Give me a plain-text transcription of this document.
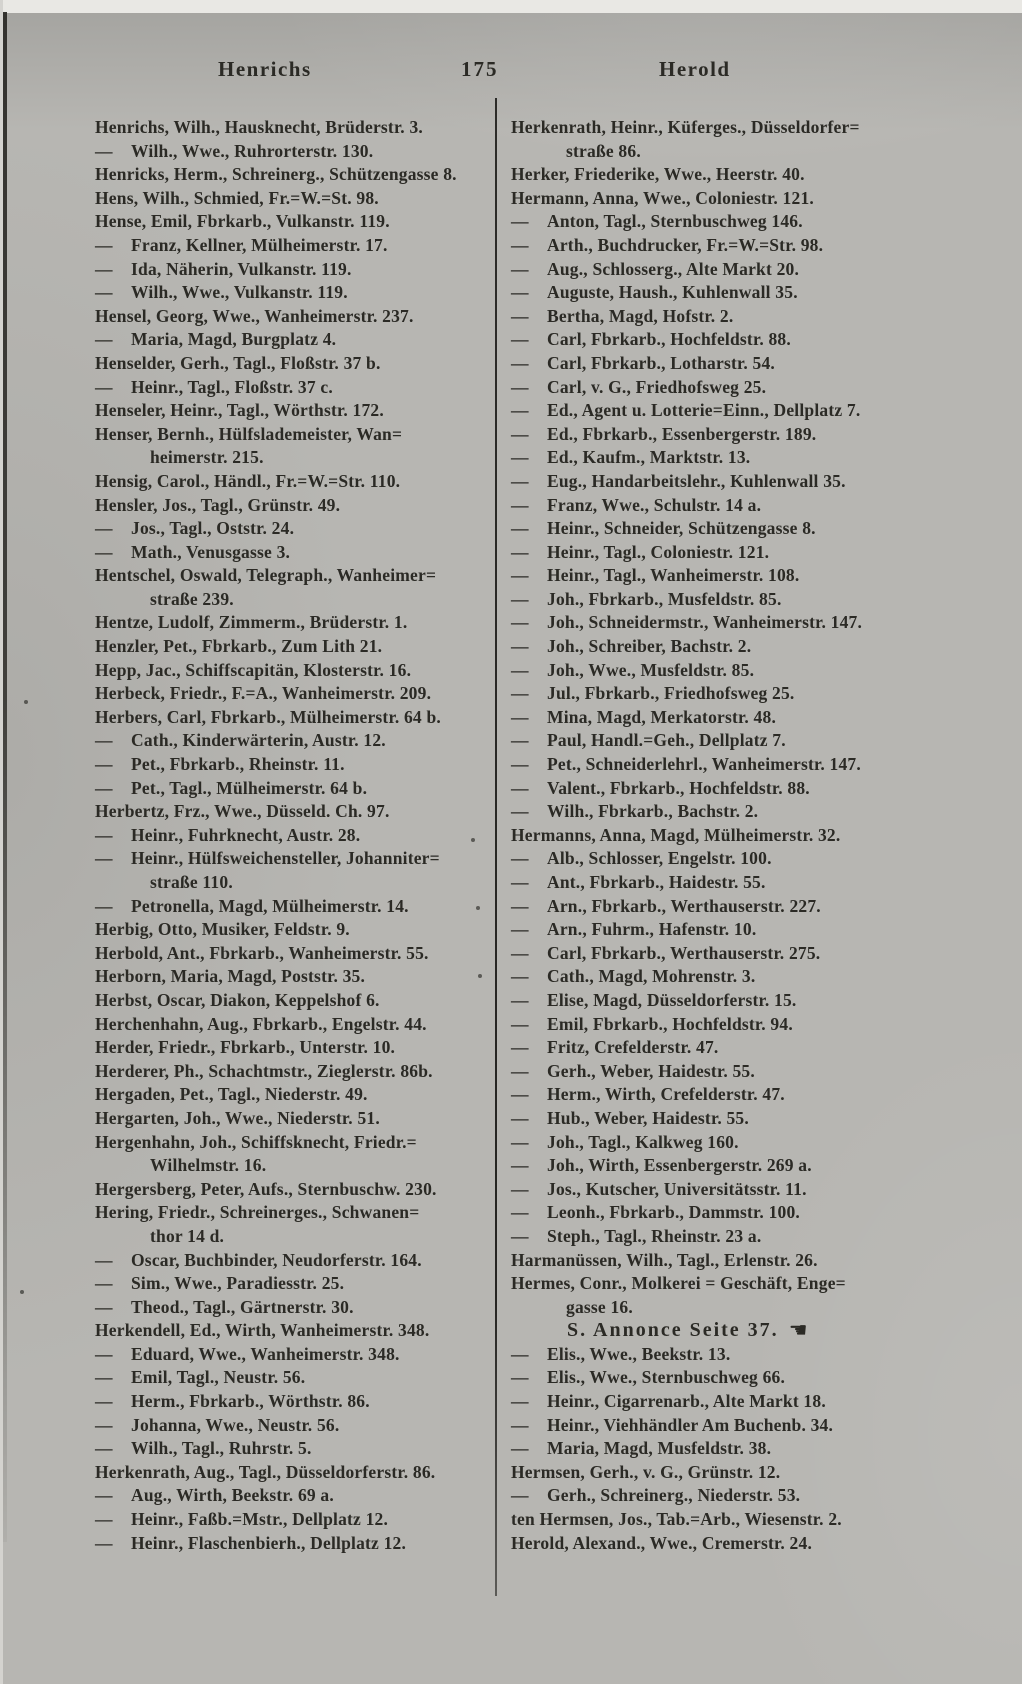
Henrichs	175	Herold
Henrichs, Wilh., Hausknecht, Brüderstr. 3.
— Wilh., Wwe., Ruhrorterstr. 130.
Henricks, Herm., Schreinerg., Schützengasse 8.
Hens, Wilh., Schmied, Fr.=W.=St. 98.
Hense, Emil, Fbrkarb., Vulkanstr. 119.
— Franz, Kellner, Mülheimerstr. 17.
— Ida, Näherin, Vulkanstr. 119.
— Wilh., Wwe., Vulkanstr. 119.
Hensel, Georg, Wwe., Wanheimerstr. 237.
— Maria, Magd, Burgplatz 4.
Henselder, Gerh., Tagl., Floßstr. 37 b.
— Heinr., Tagl., Floßstr. 37 c.
Henseler, Heinr., Tagl., Wörthstr. 172.
Henser, Bernh., Hülfslademeister, Wan=
heimerstr. 215.
Hensig, Carol., Händl., Fr.=W.=Str. 110.
Hensler, Jos., Tagl., Grünstr. 49.
— Jos., Tagl., Oststr. 24.
— Math., Venusgasse 3.
Hentschel, Oswald, Telegraph., Wanheimer=
straße 239.
Hentze, Ludolf, Zimmerm., Brüderstr. 1.
Henzler, Pet., Fbrkarb., Zum Lith 21.
Hepp, Jac., Schiffscapitän, Klosterstr. 16.
Herbeck, Friedr., F.=A., Wanheimerstr. 209.
Herbers, Carl, Fbrkarb., Mülheimerstr. 64 b.
— Cath., Kinderwärterin, Austr. 12.
— Pet., Fbrkarb., Rheinstr. 11.
— Pet., Tagl., Mülheimerstr. 64 b.
Herbertz, Frz., Wwe., Düsseld. Ch. 97.
— Heinr., Fuhrknecht, Austr. 28.
— Heinr., Hülfsweichensteller, Johanniter=
straße 110.
— Petronella, Magd, Mülheimerstr. 14.
Herbig, Otto, Musiker, Feldstr. 9.
Herbold, Ant., Fbrkarb., Wanheimerstr. 55.
Herborn, Maria, Magd, Poststr. 35.
Herbst, Oscar, Diakon, Keppelshof 6.
Herchenhahn, Aug., Fbrkarb., Engelstr. 44.
Herder, Friedr., Fbrkarb., Unterstr. 10.
Herderer, Ph., Schachtmstr., Zieglerstr. 86b.
Hergaden, Pet., Tagl., Niederstr. 49.
Hergarten, Joh., Wwe., Niederstr. 51.
Hergenhahn, Joh., Schiffsknecht, Friedr.=
Wilhelmstr. 16.
Hergersberg, Peter, Aufs., Sternbuschw. 230.
Hering, Friedr., Schreinerges., Schwanen=
thor 14 d.
— Oscar, Buchbinder, Neudorferstr. 164.
— Sim., Wwe., Paradiesstr. 25.
— Theod., Tagl., Gärtnerstr. 30.
Herkendell, Ed., Wirth, Wanheimerstr. 348.
— Eduard, Wwe., Wanheimerstr. 348.
— Emil, Tagl., Neustr. 56.
— Herm., Fbrkarb., Wörthstr. 86.
— Johanna, Wwe., Neustr. 56.
— Wilh., Tagl., Ruhrstr. 5.
Herkenrath, Aug., Tagl., Düsseldorferstr. 86.
— Aug., Wirth, Beekstr. 69 a.
— Heinr., Faßb.=Mstr., Dellplatz 12.
— Heinr., Flaschenbierh., Dellplatz 12.
Herkenrath, Heinr., Küferges., Düsseldorfer=
straße 86.
Herker, Friederike, Wwe., Heerstr. 40.
Hermann, Anna, Wwe., Coloniestr. 121.
— Anton, Tagl., Sternbuschweg 146.
— Arth., Buchdrucker, Fr.=W.=Str. 98.
— Aug., Schlosserg., Alte Markt 20.
— Auguste, Haush., Kuhlenwall 35.
— Bertha, Magd, Hofstr. 2.
— Carl, Fbrkarb., Hochfeldstr. 88.
— Carl, Fbrkarb., Lotharstr. 54.
— Carl, v. G., Friedhofsweg 25.
— Ed., Agent u. Lotterie=Einn., Dellplatz 7.
— Ed., Fbrkarb., Essenbergerstr. 189.
— Ed., Kaufm., Marktstr. 13.
— Eug., Handarbeitslehr., Kuhlenwall 35.
— Franz, Wwe., Schulstr. 14 a.
— Heinr., Schneider, Schützengasse 8.
— Heinr., Tagl., Coloniestr. 121.
— Heinr., Tagl., Wanheimerstr. 108.
— Joh., Fbrkarb., Musfeldstr. 85.
— Joh., Schneidermstr., Wanheimerstr. 147.
— Joh., Schreiber, Bachstr. 2.
— Joh., Wwe., Musfeldstr. 85.
— Jul., Fbrkarb., Friedhofsweg 25.
— Mina, Magd, Merkatorstr. 48.
— Paul, Handl.=Geh., Dellplatz 7.
— Pet., Schneiderlehrl., Wanheimerstr. 147.
— Valent., Fbrkarb., Hochfeldstr. 88.
— Wilh., Fbrkarb., Bachstr. 2.
Hermanns, Anna, Magd, Mülheimerstr. 32.
— Alb., Schlosser, Engelstr. 100.
— Ant., Fbrkarb., Haidestr. 55.
— Arn., Fbrkarb., Werthauserstr. 227.
— Arn., Fuhrm., Hafenstr. 10.
— Carl, Fbrkarb., Werthauserstr. 275.
— Cath., Magd, Mohrenstr. 3.
— Elise, Magd, Düsseldorferstr. 15.
— Emil, Fbrkarb., Hochfeldstr. 94.
— Fritz, Crefelderstr. 47.
— Gerh., Weber, Haidestr. 55.
— Herm., Wirth, Crefelderstr. 47.
— Hub., Weber, Haidestr. 55.
— Joh., Tagl., Kalkweg 160.
— Joh., Wirth, Essenbergerstr. 269 a.
— Jos., Kutscher, Universitätsstr. 11.
— Leonh., Fbrkarb., Dammstr. 100.
— Steph., Tagl., Rheinstr. 23 a.
Harmanüssen, Wilh., Tagl., Erlenstr. 26.
Hermes, Conr., Molkerei = Geschäft, Enge=
gasse 16.
S. Annonce Seite 37. ☚
— Elis., Wwe., Beekstr. 13.
— Elis., Wwe., Sternbuschweg 66.
— Heinr., Cigarrenarb., Alte Markt 18.
— Heinr., Viehhändler Am Buchenb. 34.
— Maria, Magd, Musfeldstr. 38.
Hermsen, Gerh., v. G., Grünstr. 12.
— Gerh., Schreinerg., Niederstr. 53.
ten Hermsen, Jos., Tab.=Arb., Wiesenstr. 2.
Herold, Alexand., Wwe., Cremerstr. 24.
